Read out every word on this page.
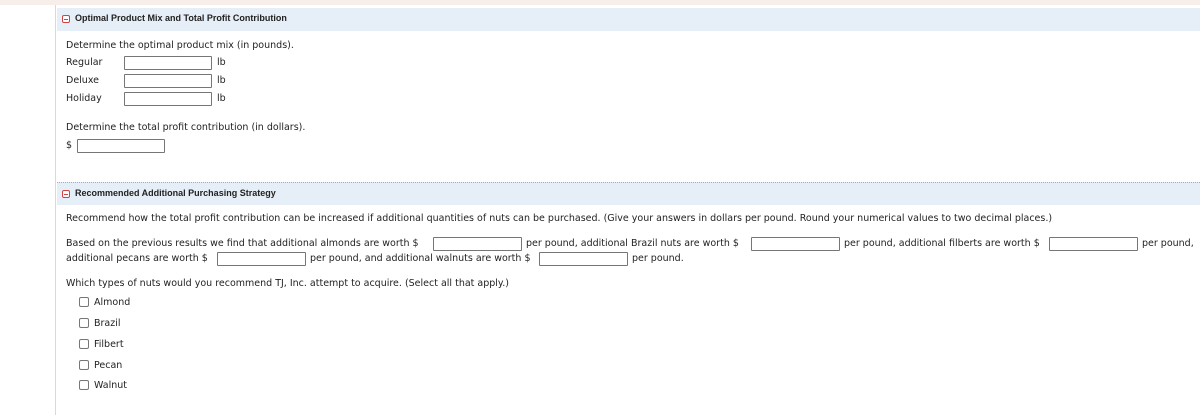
Optimal Product Mix and Total Profit Contribution
Determine the optimal product mix (in pounds).
Regular	lb
Deluxe	lb
Holiday	lb
Determine the total profit contribution (in dollars).
$
Recommended Additional Purchasing Strategy
Recommend how the total profit contribution can be increased if additional quantities of nuts can be purchased. (Give your answers in dollars per pound. Round your numerical values to two decimal places.)
Based on the previous results we find that additional almonds are worth $	per pound, additional Brazil nuts are worth $	per pound, additional filberts are worth $	per pound,
additional pecans are worth $	per pound, and additional walnuts are worth $	per pound.
Which types of nuts would you recommend TJ, Inc. attempt to acquire. (Select all that apply.)
Almond
Brazil
Filbert
Pecan
Walnut
